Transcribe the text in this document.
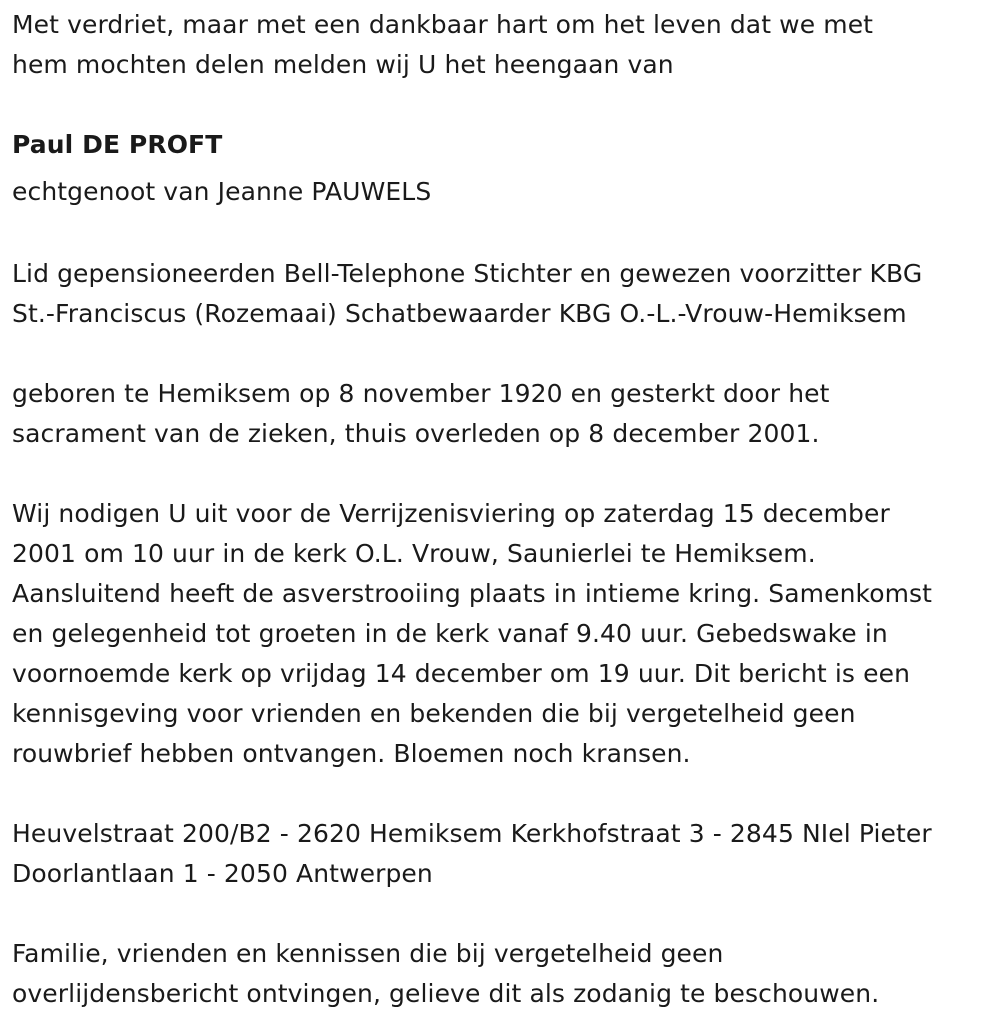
Met verdriet, maar met een dankbaar hart om het leven dat we met
hem mochten delen melden wij U het heengaan van
Paul DE PROFT
echtgenoot van Jeanne PAUWELS
Lid gepensioneerden Bell-Telephone Stichter en gewezen voorzitter KBG
St.-Franciscus (Rozemaai) Schatbewaarder KBG O.-L.-Vrouw-Hemiksem
geboren te Hemiksem op 8 november 1920 en gesterkt door het
sacrament van de zieken, thuis overleden op 8 december 2001.
Wij nodigen U uit voor de Verrijzenisviering op zaterdag 15 december
2001 om 10 uur in de kerk O.L. Vrouw, Saunierlei te Hemiksem.
Aansluitend heeft de asverstrooiing plaats in intieme kring. Samenkomst
en gelegenheid tot groeten in de kerk vanaf 9.40 uur. Gebedswake in
voornoemde kerk op vrijdag 14 december om 19 uur. Dit bericht is een
kennisgeving voor vrienden en bekenden die bij vergetelheid geen
rouwbrief hebben ontvangen. Bloemen noch kransen.
Heuvelstraat 200/B2 - 2620 Hemiksem Kerkhofstraat 3 - 2845 NIel Pieter
Doorlantlaan 1 - 2050 Antwerpen
Familie, vrienden en kennissen die bij vergetelheid geen
overlijdensbericht ontvingen, gelieve dit als zodanig te beschouwen.
